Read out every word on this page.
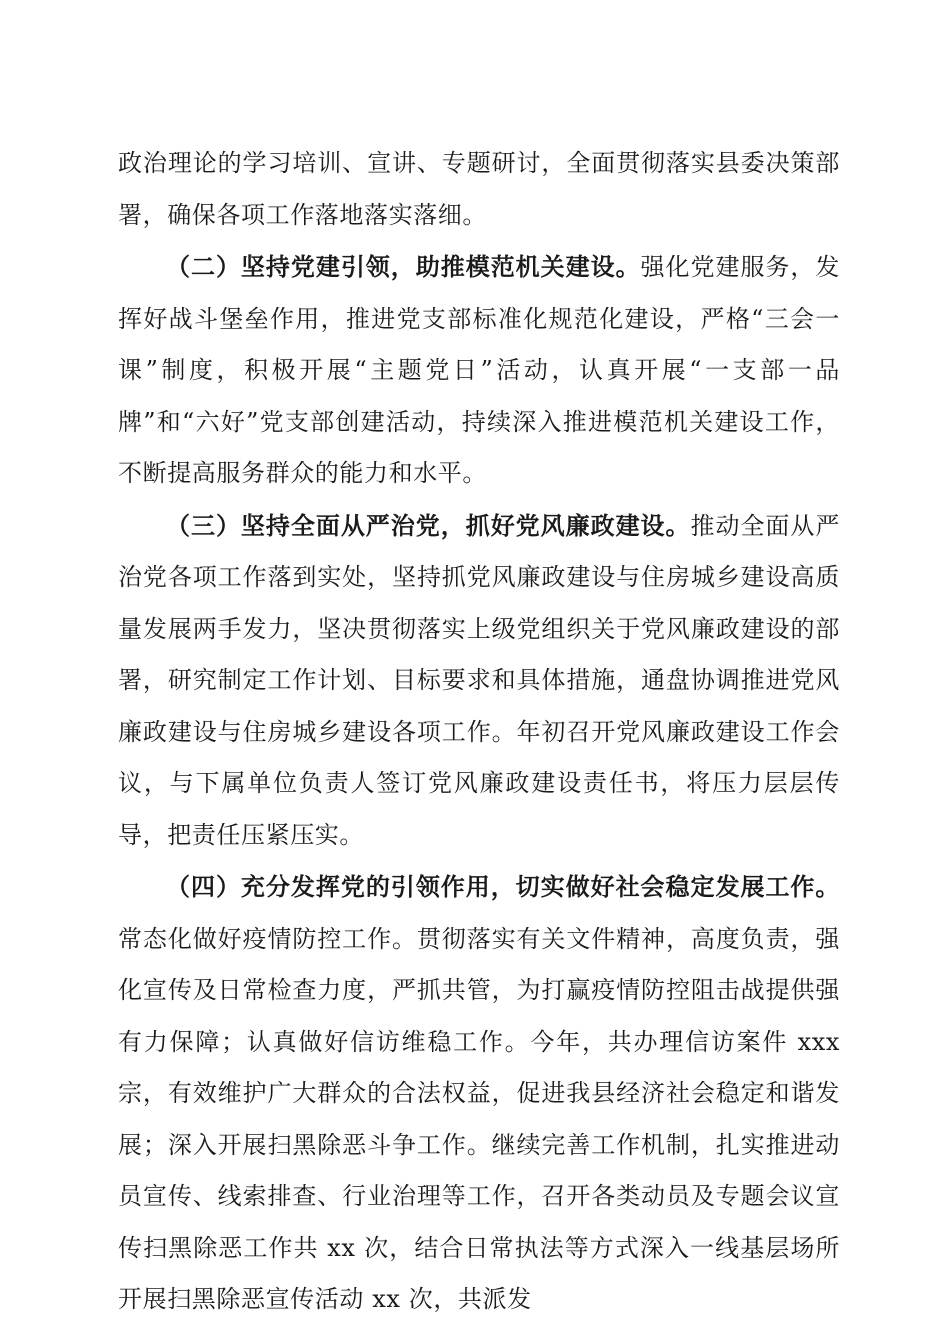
政治理论的学习培训、宣讲、专题研讨，全面贯彻落实县委决策部署，确保各项工作落地落实落细。

（二）坚持党建引领，助推模范机关建设。强化党建服务，发挥好战斗堡垒作用，推进党支部标准化规范化建设，严格“三会一课”制度，积极开展“主题党日”活动，认真开展“一支部一品牌”和“六好”党支部创建活动，持续深入推进模范机关建设工作，不断提高服务群众的能力和水平。

（三）坚持全面从严治党，抓好党风廉政建设。推动全面从严治党各项工作落到实处，坚持抓党风廉政建设与住房城乡建设高质量发展两手发力，坚决贯彻落实上级党组织关于党风廉政建设的部署，研究制定工作计划、目标要求和具体措施，通盘协调推进党风廉政建设与住房城乡建设各项工作。年初召开党风廉政建设工作会议，与下属单位负责人签订党风廉政建设责任书，将压力层层传导，把责任压紧压实。

（四）充分发挥党的引领作用，切实做好社会稳定发展工作。常态化做好疫情防控工作。贯彻落实有关文件精神，高度负责，强化宣传及日常检查力度，严抓共管，为打赢疫情防控阻击战提供强有力保障；认真做好信访维稳工作。今年，共办理信访案件 xxx 宗，有效维护广大群众的合法权益，促进我县经济社会稳定和谐发展；深入开展扫黑除恶斗争工作。继续完善工作机制，扎实推进动员宣传、线索排查、行业治理等工作，召开各类动员及专题会议宣传扫黑除恶工作共 xx 次，结合日常执法等方式深入一线基层场所开展扫黑除恶宣传活动 xx 次，共派发
